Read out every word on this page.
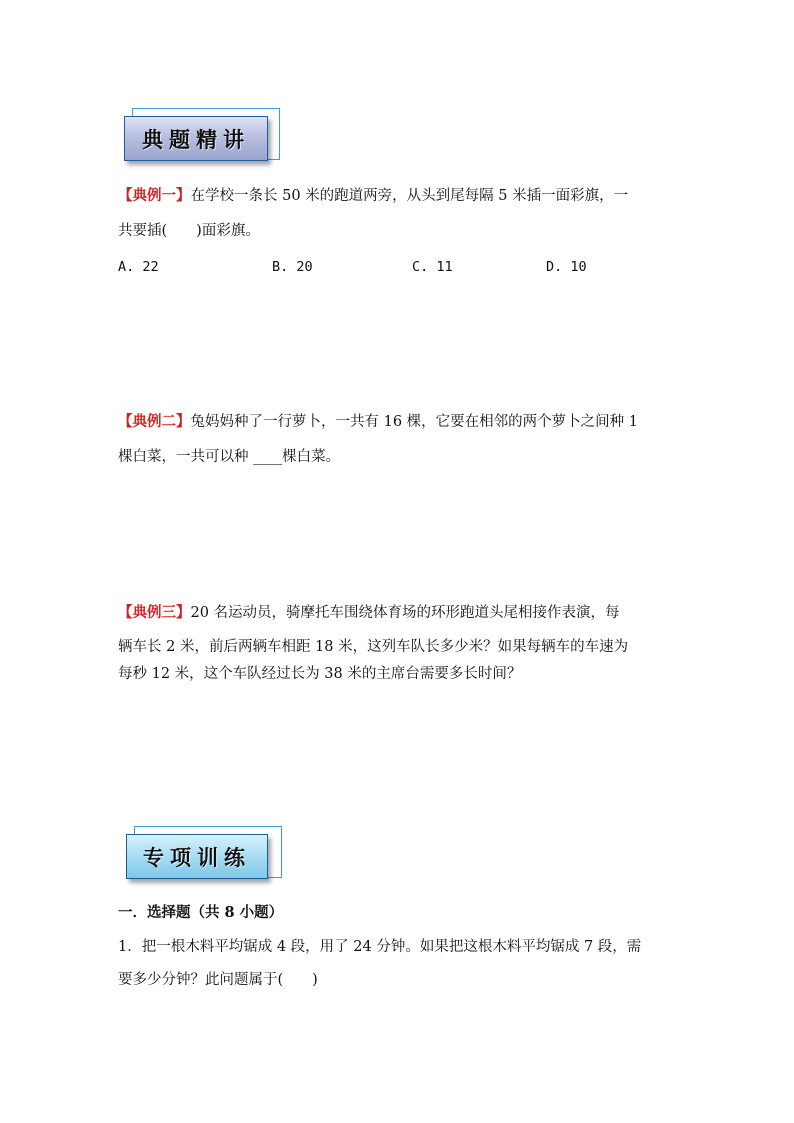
典题精讲
【典例一】在学校一条长 50 米的跑道两旁，从头到尾每隔 5 米插一面彩旗，一
共要插(　　)面彩旗。
A. 22	B. 20	C. 11	D. 10
【典例二】兔妈妈种了一行萝卜，一共有 16 棵，它要在相邻的两个萝卜之间种 1
棵白菜，一共可以种 ____棵白菜。
【典例三】20 名运动员，骑摩托车围绕体育场的环形跑道头尾相接作表演，每
辆车长 2 米，前后两辆车相距 18 米，这列车队长多少米？如果每辆车的车速为
每秒 12 米，这个车队经过长为 38 米的主席台需要多长时间？
专项训练
一．选择题（共 8 小题）
1．把一根木料平均锯成 4 段，用了 24 分钟。如果把这根木料平均锯成 7 段，需
要多少分钟？此问题属于(　　)
